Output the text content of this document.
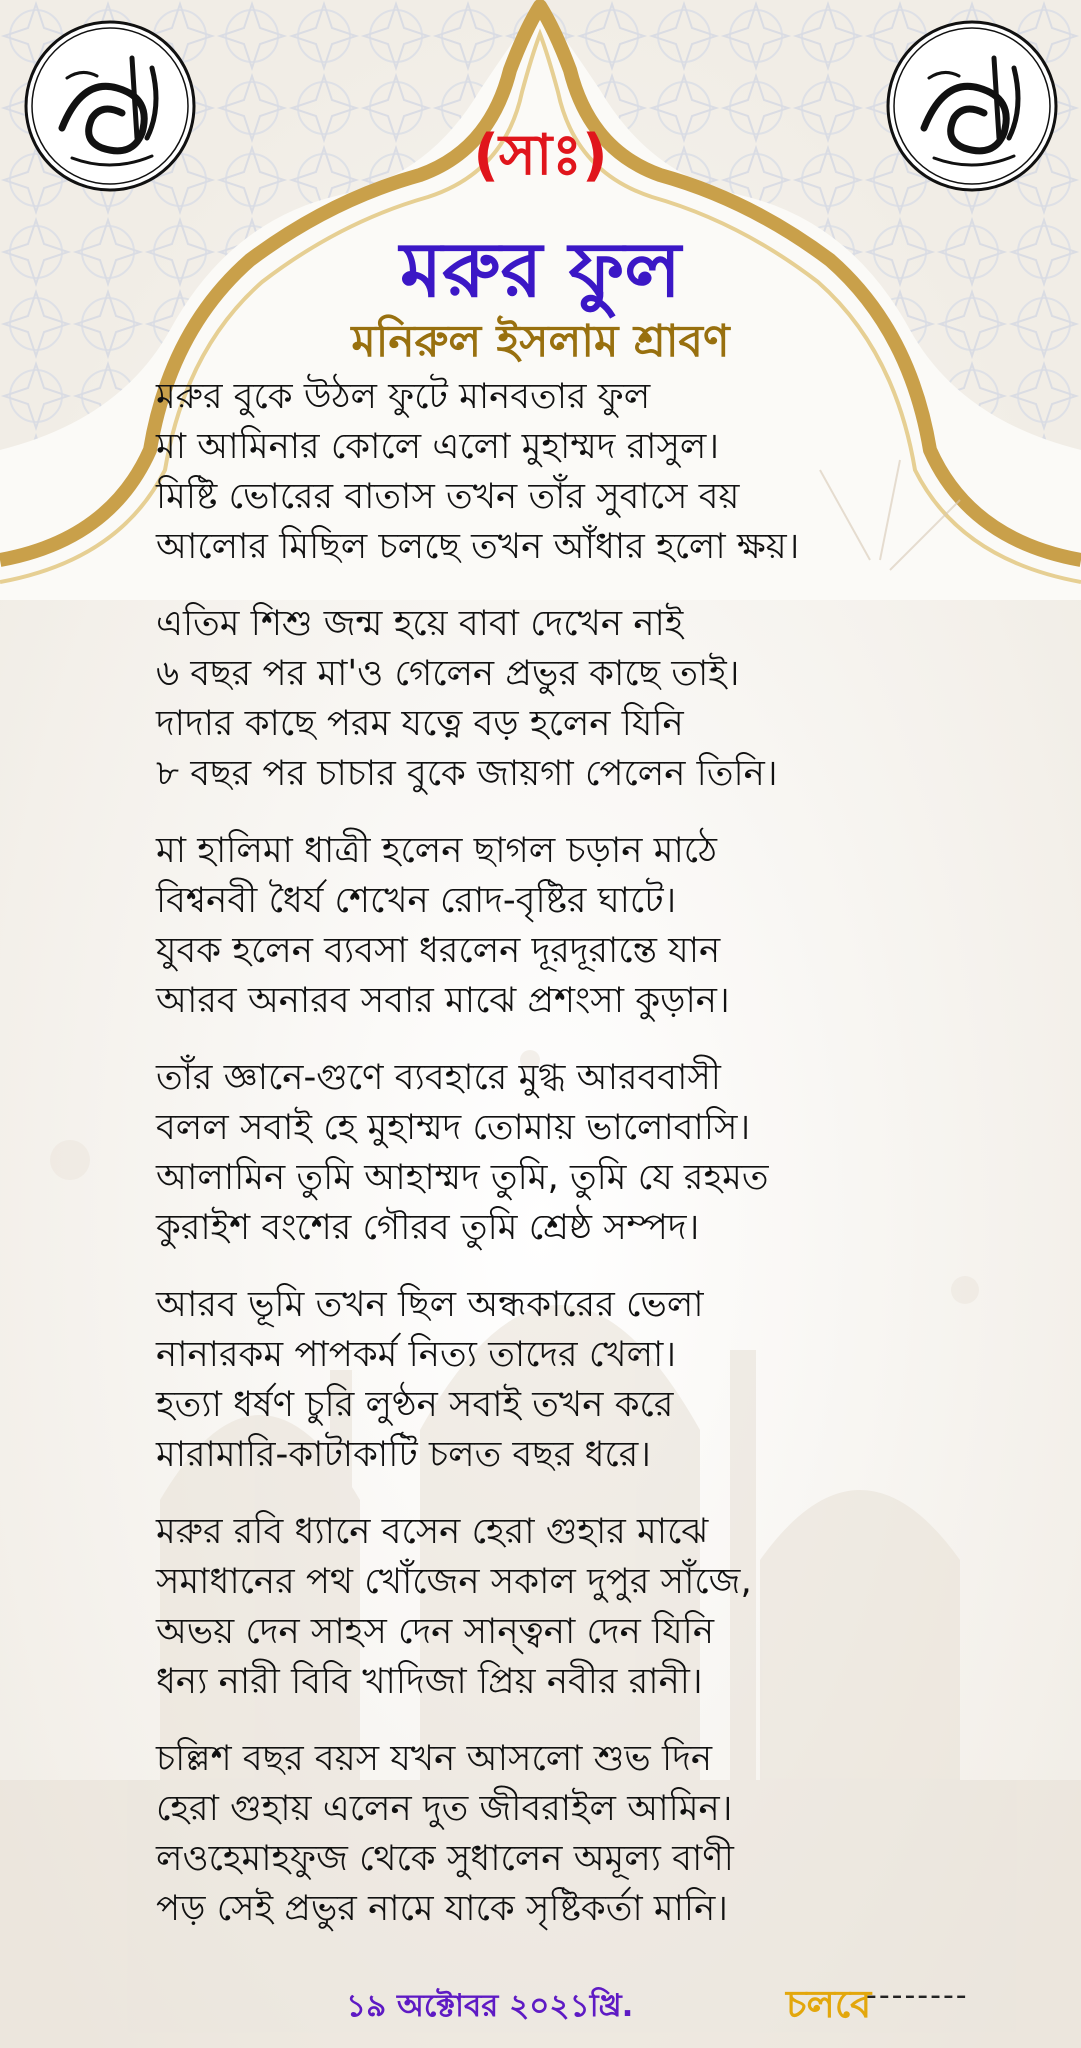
(সাঃ)
মরুর ফুল
মনিরুল ইসলাম শ্রাবণ
মরুর বুকে উঠল ফুটে মানবতার ফুল
মা আমিনার কোলে এলো মুহাম্মদ রাসুল।
মিষ্টি ভোরের বাতাস তখন তাঁর সুবাসে বয়
আলোর মিছিল চলছে তখন আঁধার হলো ক্ষয়।
এতিম শিশু জন্ম হয়ে বাবা দেখেন নাই
৬ বছর পর মা'ও গেলেন প্রভুর কাছে তাই।
দাদার কাছে পরম যত্নে বড় হলেন যিনি
৮ বছর পর চাচার বুকে জায়গা পেলেন তিনি।
মা হালিমা ধাত্রী হলেন ছাগল চড়ান মাঠে
বিশ্বনবী ধৈর্য শেখেন রোদ-বৃষ্টির ঘাটে।
যুবক হলেন ব্যবসা ধরলেন দূরদূরান্তে যান
আরব অনারব সবার মাঝে প্রশংসা কুড়ান।
তাঁর জ্ঞানে-গুণে ব্যবহারে মুগ্ধ আরববাসী
বলল সবাই হে মুহাম্মদ তোমায় ভালোবাসি।
আলামিন তুমি আহাম্মদ তুমি, তুমি যে রহমত
কুরাইশ বংশের গৌরব তুমি শ্রেষ্ঠ সম্পদ।
আরব ভূমি তখন ছিল অন্ধকারের ভেলা
নানারকম পাপকর্ম নিত্য তাদের খেলা।
হত্যা ধর্ষণ চুরি লুণ্ঠন সবাই তখন করে
মারামারি-কাটাকাটি চলত বছর ধরে।
মরুর রবি ধ্যানে বসেন হেরা গুহার মাঝে
সমাধানের পথ খোঁজেন সকাল দুপুর সাঁজে,
অভয় দেন সাহস দেন সান্ত্বনা দেন যিনি
ধন্য নারী বিবি খাদিজা প্রিয় নবীর রানী।
চল্লিশ বছর বয়স যখন আসলো শুভ দিন
হেরা গুহায় এলেন দুত জীবরাইল আমিন।
লওহেমাহফুজ থেকে সুধালেন অমূল্য বাণী
পড় সেই প্রভুর নামে যাকে সৃষ্টিকর্তা মানি।
১৯ অক্টোবর ২০২১খ্রি.	চলবে
--------
